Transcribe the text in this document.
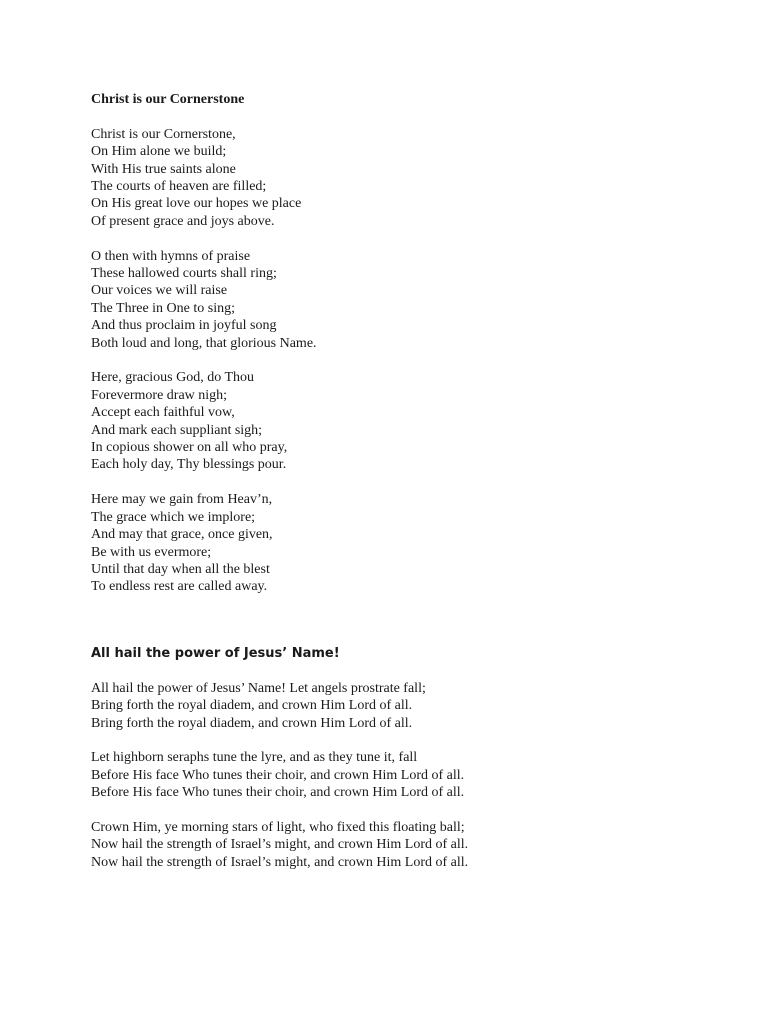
Christ is our Cornerstone
Christ is our Cornerstone,
On Him alone we build;
With His true saints alone
The courts of heaven are filled;
On His great love our hopes we place
Of present grace and joys above.
O then with hymns of praise
These hallowed courts shall ring;
Our voices we will raise
The Three in One to sing;
And thus proclaim in joyful song
Both loud and long, that glorious Name.
Here, gracious God, do Thou
Forevermore draw nigh;
Accept each faithful vow,
And mark each suppliant sigh;
In copious shower on all who pray,
Each holy day, Thy blessings pour.
Here may we gain from Heav’n,
The grace which we implore;
And may that grace, once given,
Be with us evermore;
Until that day when all the blest
To endless rest are called away.
All hail the power of Jesus’ Name!
All hail the power of Jesus’ Name! Let angels prostrate fall;
Bring forth the royal diadem, and crown Him Lord of all.
Bring forth the royal diadem, and crown Him Lord of all.
Let highborn seraphs tune the lyre, and as they tune it, fall
Before His face Who tunes their choir, and crown Him Lord of all.
Before His face Who tunes their choir, and crown Him Lord of all.
Crown Him, ye morning stars of light, who fixed this floating ball;
Now hail the strength of Israel’s might, and crown Him Lord of all.
Now hail the strength of Israel’s might, and crown Him Lord of all.
